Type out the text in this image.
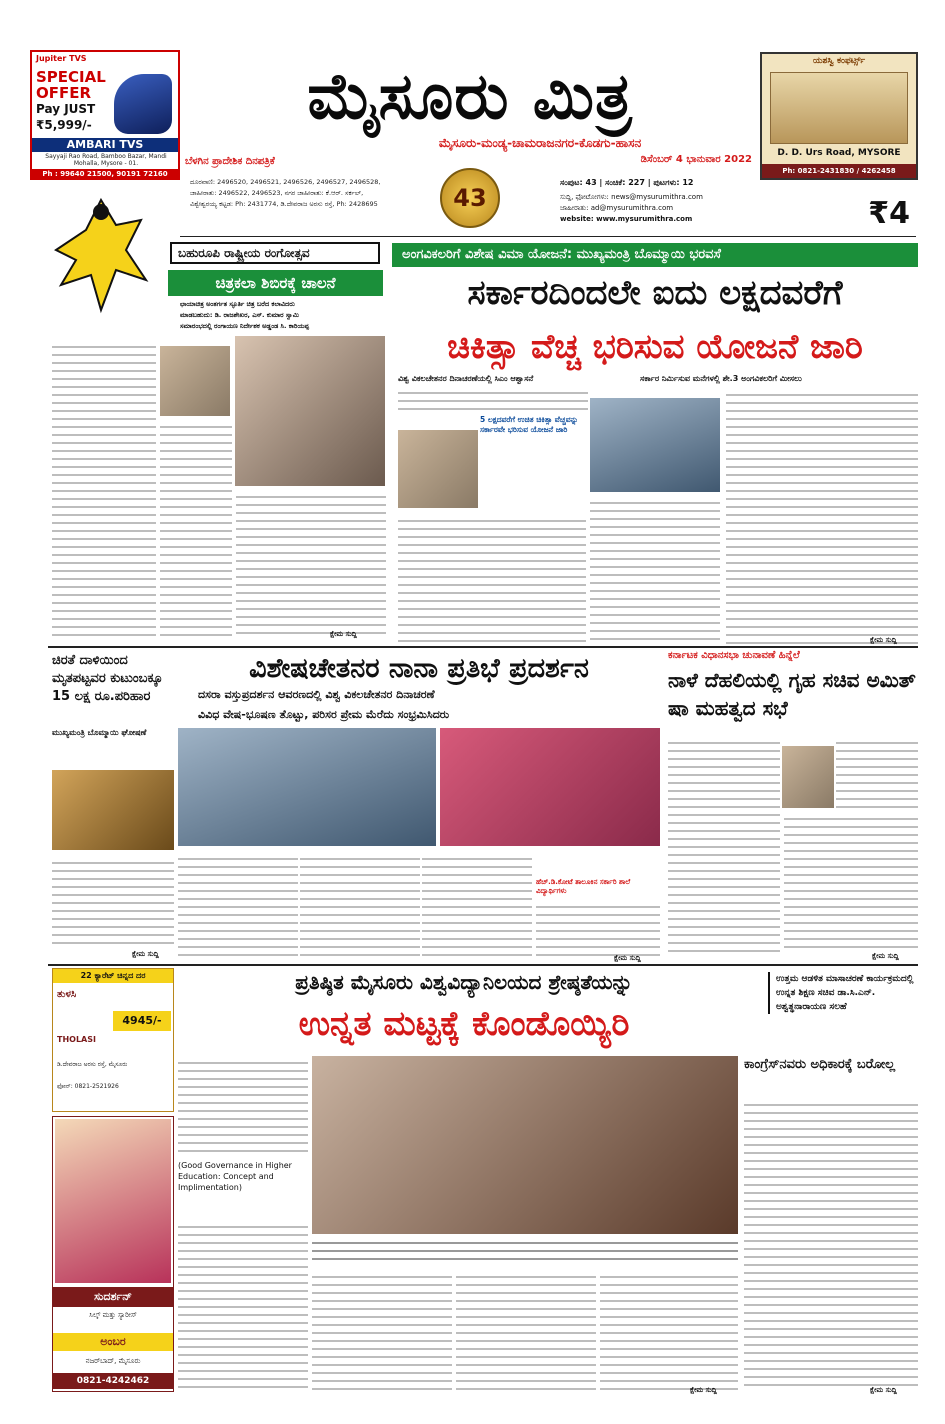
Jupiter TVS
SPECIAL
OFFER
Pay JUST
₹5,999/-
AMBARI TVS
Sayyaji Rao Road, Bamboo Bazar, Mandi Mohalla, Mysore - 01.
Ph : 99640 21500, 90191 72160
ಮೈಸೂರು ಮಿತ್ರ
ಮೈಸೂರು-ಮಂಡ್ಯ-ಚಾಮರಾಜನಗರ-ಕೊಡಗು-ಹಾಸನ
ಬೆಳಗಿನ ಪ್ರಾದೇಶಿಕ ದಿನಪತ್ರಿಕೆ	ಡಿಸೆಂಬರ್ 4 ಭಾನುವಾರ 2022
ಯಶಸ್ವಿ ಕಂಫರ್ಟ್ಸ್
D. D. Urs Road, MYSORE
Ph: 0821-2431830 / 4262458
ದೂರವಾಣಿ: 2496520, 2496521, 2496526, 2496527, 2496528,
ಜಾಹೀರಾತು: 2496522, 2496523, ನಗರ ಜಾಹೀರಾತು: ಕೆ.ಆರ್. ಸರ್ಕಲ್,
ವಿಶ್ವೇಶ್ವರಯ್ಯ ಕಟ್ಟಡ: Ph: 2431774, ಡಿ.ದೇವರಾಜ ಅರಸು ರಸ್ತೆ, Ph: 2428695	43
ಸಂಪುಟ: 43 | ಸಂಚಿಕೆ: 227 | ಪುಟಗಳು: 12
ಸುದ್ದಿ, ಫೋಟೋಗಳು: news@mysurumithra.com
ಜಾಹೀರಾತು: ad@mysurumithra.com
website: www.mysurumithra.com	₹4
ಬಹುರೂಪಿ ರಾಷ್ಟ್ರೀಯ ರಂಗೋತ್ಸವ
ಚಿತ್ರಕಲಾ ಶಿಬಿರಕ್ಕೆ ಚಾಲನೆ
ಛಾಯಾಚಿತ್ರ ಅಂತರ್ಗತ ಸ್ಫೂರ್ತಿ ಚಿತ್ರ ಬರೆದ ಕಲಾವಿದರು
ಮಾಡಬಹುದು: ಡಿ. ರಾಜಶೇಖರ, ಎಸ್. ಕುಮಾರ ಸ್ವಾಮಿ
ಸಮಾರಂಭದಲ್ಲಿ ರಂಗಾಯಣ ನಿರ್ದೇಶಕ ಅಡ್ಡಂಡ ಸಿ. ಕಾರಿಯಪ್ಪ
ಕ್ಷೇಮ ಸುದ್ದಿ
ಅಂಗವಿಕಲರಿಗೆ ವಿಶೇಷ ವಿಮಾ ಯೋಜನೆ: ಮುಖ್ಯಮಂತ್ರಿ ಬೊಮ್ಮಾಯಿ ಭರವಸೆ
ಸರ್ಕಾರದಿಂದಲೇ ಐದು ಲಕ್ಷದವರೆಗೆ
ಚಿಕಿತ್ಸಾ ವೆಚ್ಚ ಭರಿಸುವ ಯೋಜನೆ ಜಾರಿ
ವಿಶ್ವ ವಿಕಲಚೇತನರ ದಿನಾಚರಣೆಯಲ್ಲಿ ಸಿಎಂ ಆಶ್ವಾಸನೆ	ಸರ್ಕಾರ ನಿರ್ಮಿಸುವ ಮನೆಗಳಲ್ಲಿ ಶೇ.3 ಅಂಗವಿಕಲರಿಗೆ ಮೀಸಲು
5 ಲಕ್ಷದವರೆಗೆ ಉಚಿತ ಚಿಕಿತ್ಸಾ ವೆಚ್ಚವನ್ನು ಸರ್ಕಾರವೇ ಭರಿಸುವ ಯೋಜನೆ ಜಾರಿ
ಕ್ಷೇಮ ಸುದ್ದಿ
ಚಿರತೆ ದಾಳಿಯಿಂದ ಮೃತಪಟ್ಟವರ ಕುಟುಂಬಕ್ಕೂ 15 ಲಕ್ಷ ರೂ.ಪರಿಹಾರ
ಮುಖ್ಯಮಂತ್ರಿ ಬೊಮ್ಮಾಯಿ ಘೋಷಣೆ
ಕ್ಷೇಮ ಸುದ್ದಿ
ವಿಶೇಷಚೇತನರ ನಾನಾ ಪ್ರತಿಭೆ ಪ್ರದರ್ಶನ
ದಸರಾ ವಸ್ತುಪ್ರದರ್ಶನ ಆವರಣದಲ್ಲಿ ವಿಶ್ವ ವಿಕಲಚೇತನರ ದಿನಾಚರಣೆ
ವಿವಿಧ ವೇಷ-ಭೂಷಣ ತೊಟ್ಟು, ಪರಿಸರ ಪ್ರೇಮ ಮೆರೆದು ಸಂಭ್ರಮಿಸಿದರು
ಹೆಚ್.ಡಿ.ಕೋಟೆ ತಾಲೂಕಿನ ಸರ್ಕಾರಿ ಶಾಲೆ ವಿದ್ಯಾರ್ಥಿಗಳು
ಕ್ಷೇಮ ಸುದ್ದಿ
ಕರ್ನಾಟಕ ವಿಧಾನಸಭಾ ಚುನಾವಣೆ ಹಿನ್ನೆಲೆ
ನಾಳೆ ದೆಹಲಿಯಲ್ಲಿ ಗೃಹ ಸಚಿವ ಅಮಿತ್ ಷಾ ಮಹತ್ವದ ಸಭೆ
ಕ್ಷೇಮ ಸುದ್ದಿ
22 ಕ್ಯಾರೆಟ್ ಚಿನ್ನದ ದರ
ತುಳಸಿ
THOLASI
4945/-
ಡಿ.ದೇವರಾಜ ಅರಸು ರಸ್ತೆ, ಮೈಸೂರು
ಫೋನ್: 0821-2521926
ಪ್ರತಿಷ್ಠಿತ ಮೈಸೂರು ವಿಶ್ವವಿದ್ಯಾನಿಲಯದ ಶ್ರೇಷ್ಠತೆಯನ್ನು
ಉನ್ನತ ಮಟ್ಟಕ್ಕೆ ಕೊಂಡೊಯ್ಯಿರಿ
ಉತ್ತಮ ಆಡಳಿತ ಮಾಸಾಚರಣೆ ಕಾರ್ಯಕ್ರಮದಲ್ಲಿ ಉನ್ನತ ಶಿಕ್ಷಣ ಸಚಿವ ಡಾ.ಸಿ.ಎನ್. ಅಶ್ವತ್ಥನಾರಾಯಣ ಸಲಹೆ
(Good Governance in Higher Education: Concept and Implimentation)
ಕ್ಷೇಮ ಸುದ್ದಿ
ಕಾಂಗ್ರೆಸ್‌ನವರು ಅಧಿಕಾರಕ್ಕೆ ಬರೋಲ್ಲ
ಕ್ಷೇಮ ಸುದ್ದಿ
ಸುದರ್ಶನ್
ಸಿಲ್ಕ್ ಮತ್ತು ಸ್ಯಾರೀಸ್
ಅಂಬರ
ನಜರ್‌ಬಾದ್, ಮೈಸೂರು
0821-4242462
